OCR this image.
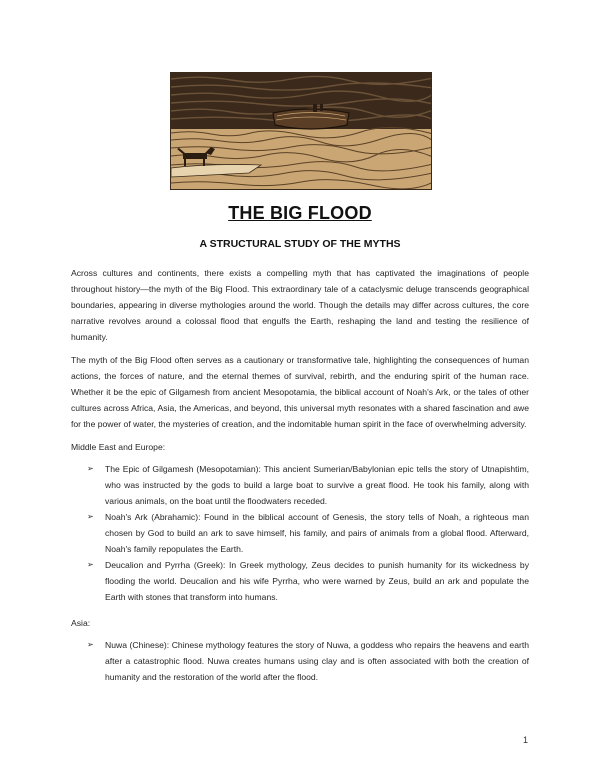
THE BIG FLOOD
A STRUCTURAL STUDY OF THE MYTHS

Across cultures and continents, there exists a compelling myth that has captivated the imaginations of people throughout history—the myth of the Big Flood. This extraordinary tale of a cataclysmic deluge transcends geographical boundaries, appearing in diverse mythologies around the world. Though the details may differ across cultures, the core narrative revolves around a colossal flood that engulfs the Earth, reshaping the land and testing the resilience of humanity.

The myth of the Big Flood often serves as a cautionary or transformative tale, highlighting the consequences of human actions, the forces of nature, and the eternal themes of survival, rebirth, and the enduring spirit of the human race. Whether it be the epic of Gilgamesh from ancient Mesopotamia, the biblical account of Noah's Ark, or the tales of other cultures across Africa, Asia, the Americas, and beyond, this universal myth resonates with a shared fascination and awe for the power of water, the mysteries of creation, and the indomitable human spirit in the face of overwhelming adversity.

Middle East and Europe:

➢ The Epic of Gilgamesh (Mesopotamian): This ancient Sumerian/Babylonian epic tells the story of Utnapishtim, who was instructed by the gods to build a large boat to survive a great flood. He took his family, along with various animals, on the boat until the floodwaters receded.
➢ Noah's Ark (Abrahamic): Found in the biblical account of Genesis, the story tells of Noah, a righteous man chosen by God to build an ark to save himself, his family, and pairs of animals from a global flood. Afterward, Noah's family repopulates the Earth.
➢ Deucalion and Pyrrha (Greek): In Greek mythology, Zeus decides to punish humanity for its wickedness by flooding the world. Deucalion and his wife Pyrrha, who were warned by Zeus, build an ark and populate the Earth with stones that transform into humans.

Asia:

➢ Nuwa (Chinese): Chinese mythology features the story of Nuwa, a goddess who repairs the heavens and earth after a catastrophic flood. Nuwa creates humans using clay and is often associated with both the creation of humanity and the restoration of the world after the flood.
1
